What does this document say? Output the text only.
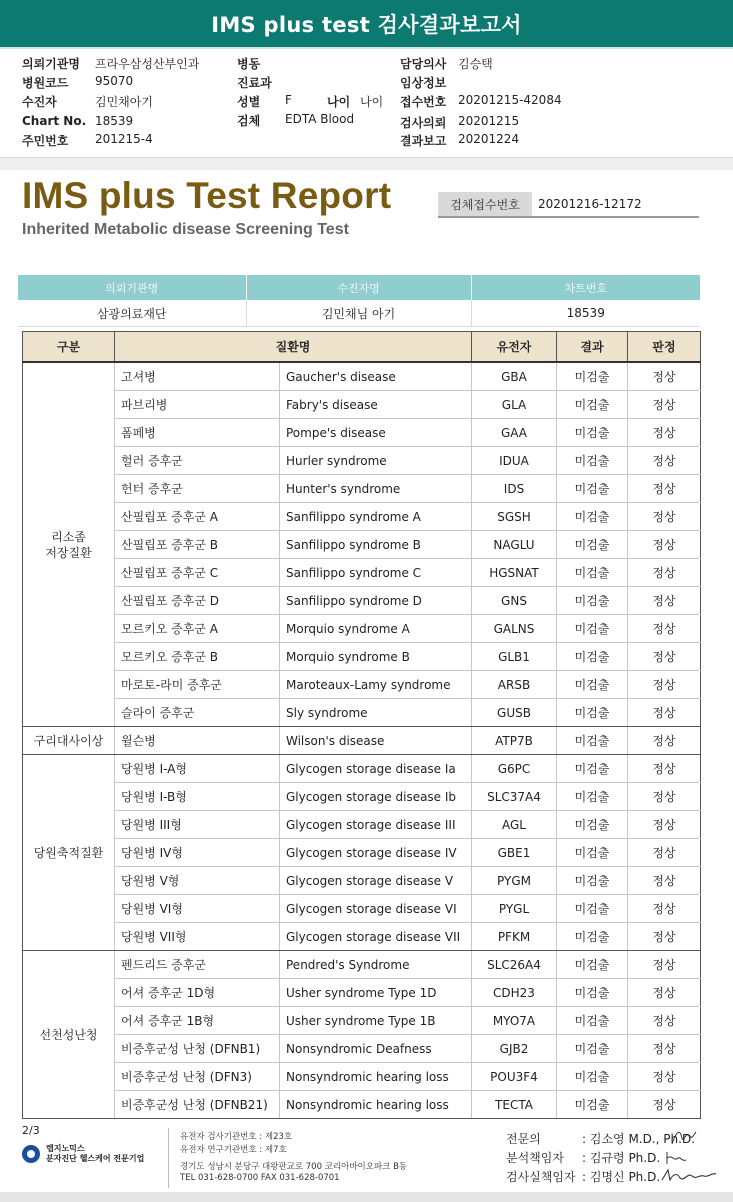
IMS plus test 검사결과보고서
의뢰기관명 프라우삼성산부인과
병원코드 95070
수진자	김민채아기
Chart No. 18539
주민번호 201215-4
병동
진료과
성별 F	나이 나이
검체 EDTA Blood
담당의사 김승택
임상정보
접수번호 20201215-42084
검사의뢰 20201215
결과보고 20201224
IMS plus Test Report
Inherited Metabolic disease Screening Test
검체접수번호	20201216-12172
의뢰기관명	수진자명	차트번호
삼광의료재단	김민채님 아기	18539
구분	질환명		유전자	결과	판정
리소좀
저장질환	고셔병	Gaucher's disease	GBA	미검출	정상
	파브리병	Fabry's disease	GLA	미검출	정상
	폼페병	Pompe's disease	GAA	미검출	정상
	헐러 증후군	Hurler syndrome	IDUA	미검출	정상
	헌터 증후군	Hunter's syndrome	IDS	미검출	정상
	산필립포 증후군 A	Sanfilippo syndrome A	SGSH	미검출	정상
	산필립포 증후군 B	Sanfilippo syndrome B	NAGLU	미검출	정상
	산필립포 증후군 C	Sanfilippo syndrome C	HGSNAT	미검출	정상
	산필립포 증후군 D	Sanfilippo syndrome D	GNS	미검출	정상
	모르키오 증후군 A	Morquio syndrome A	GALNS	미검출	정상
	모르키오 증후군 B	Morquio syndrome B	GLB1	미검출	정상
	마로토-라미 증후군	Maroteaux-Lamy syndrome	ARSB	미검출	정상
	슬라이 증후군	Sly syndrome	GUSB	미검출	정상
구리대사이상	윌슨병	Wilson's disease	ATP7B	미검출	정상
당원축적질환	당원병 I-A형	Glycogen storage disease Ia	G6PC	미검출	정상
	당원병 I-B형	Glycogen storage disease Ib	SLC37A4	미검출	정상
	당원병 III형	Glycogen storage disease III	AGL	미검출	정상
	당원병 IV형	Glycogen storage disease IV	GBE1	미검출	정상
	당원병 V형	Glycogen storage disease V	PYGM	미검출	정상
	당원병 VI형	Glycogen storage disease VI	PYGL	미검출	정상
	당원병 VII형	Glycogen storage disease VII	PFKM	미검출	정상
선천성난청	펜드리드 증후군	Pendred's Syndrome	SLC26A4	미검출	정상
	어셔 증후군 1D형	Usher syndrome Type 1D	CDH23	미검출	정상
	어셔 증후군 1B형	Usher syndrome Type 1B	MYO7A	미검출	정상
	비증후군성 난청 (DFNB1)	Nonsyndromic Deafness	GJB2	미검출	정상
	비증후군성 난청 (DFN3)	Nonsyndromic hearing loss	POU3F4	미검출	정상
	비증후군성 난청 (DFNB21)	Nonsyndromic hearing loss	TECTA	미검출	정상
2/3
랩지노믹스
분자진단 헬스케어 전문기업
유전자 검사기관번호 : 제23호
유전자 연구기관번호 : 제7호
경기도 성남시 분당구 대왕판교로 700 코리아바이오파크 B동
TEL 031-628-0700 FAX 031-628-0701
전문의	: 김소영 M.D., Ph.D.
분석책임자 : 김규령 Ph.D.
검사실책임자 : 김명신 Ph.D.
